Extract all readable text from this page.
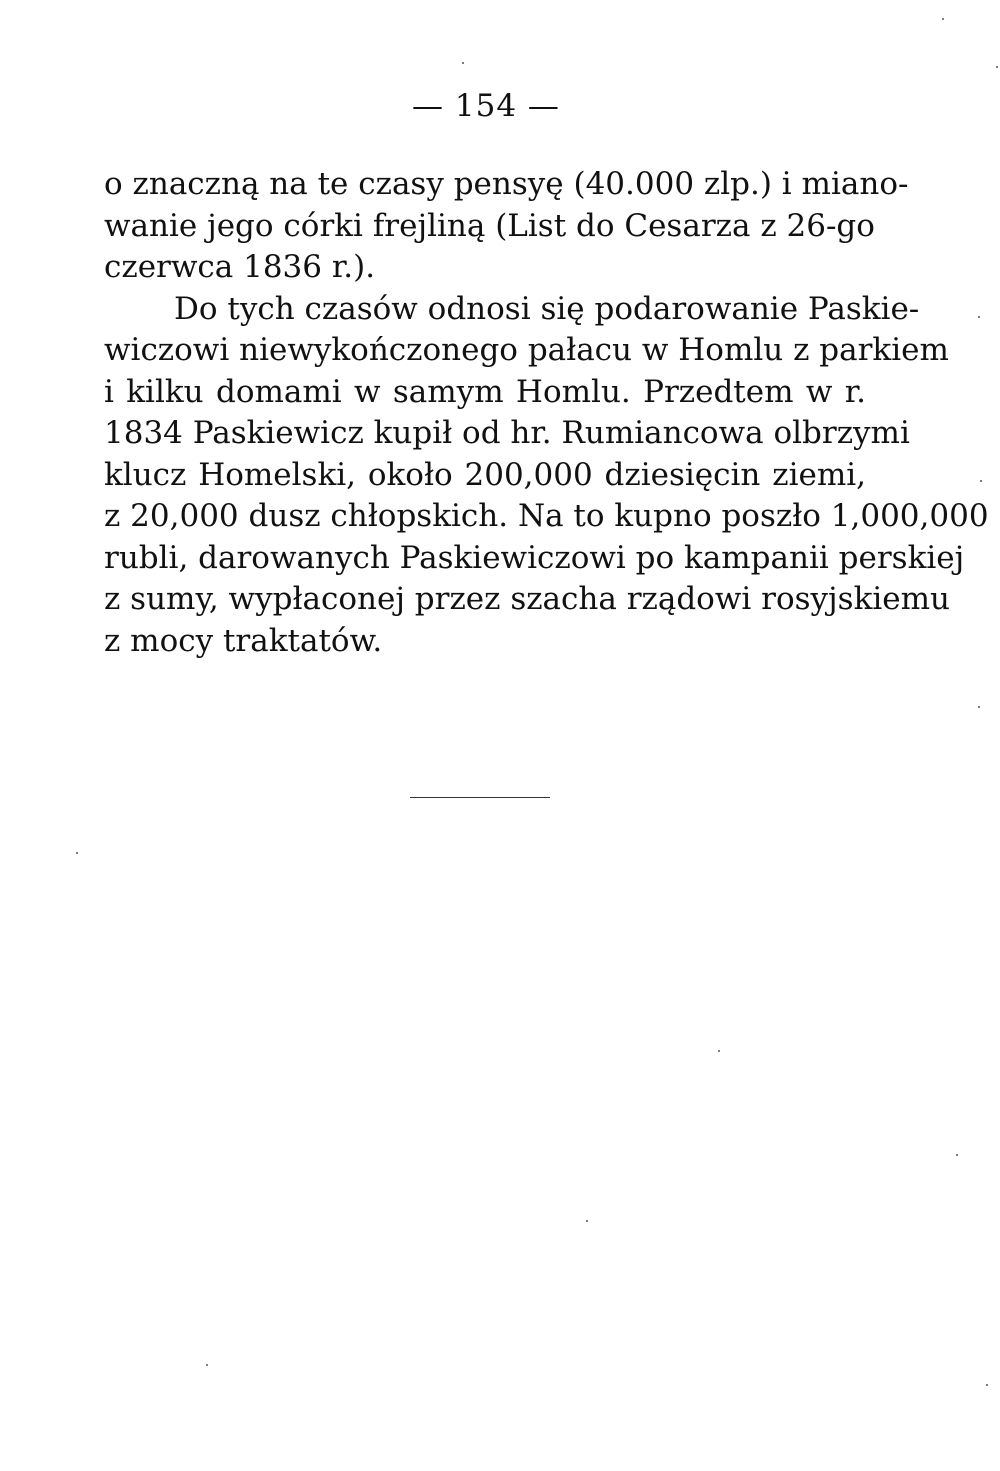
— 154 —
o znaczną na te czasy pensyę (40.000 zlp.) i miano-
wanie jego córki frejliną (List do Cesarza z 26-go
czerwca 1836 r.).
Do tych czasów odnosi się podarowanie Paskie-
wiczowi niewykończonego pałacu w Homlu z parkiem
i kilku domami w samym Homlu. Przedtem w r.
1834 Paskiewicz kupił od hr. Rumiancowa olbrzymi
klucz Homelski, około 200,000 dziesięcin ziemi,
z 20,000 dusz chłopskich. Na to kupno poszło 1,000,000
rubli, darowanych Paskiewiczowi po kampanii perskiej
z sumy, wypłaconej przez szacha rządowi rosyjskiemu
z mocy traktatów.
